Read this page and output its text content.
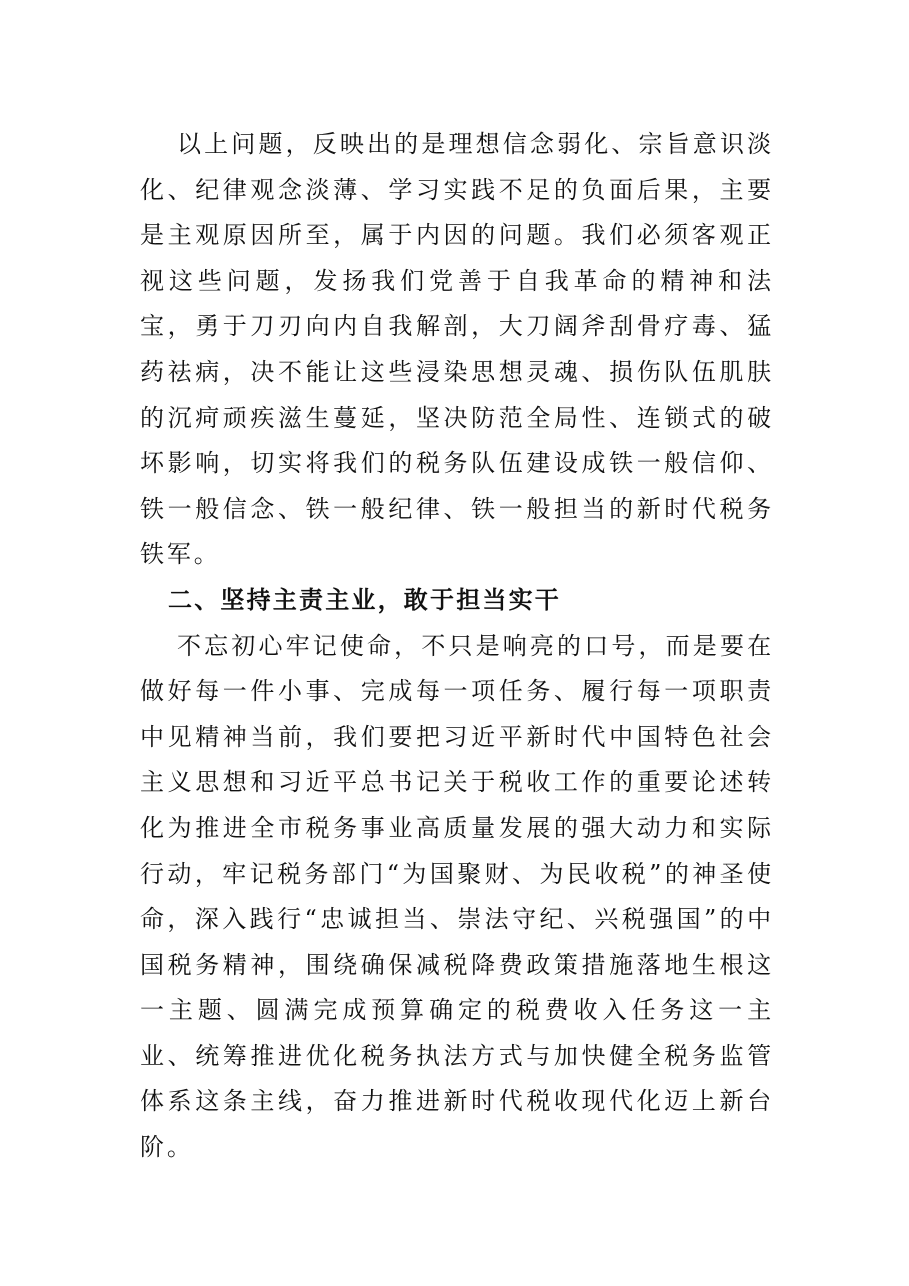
以上问题，反映出的是理想信念弱化、宗旨意识淡化、纪律观念淡薄、学习实践不足的负面后果，主要是主观原因所至，属于内因的问题。我们必须客观正视这些问题，发扬我们党善于自我革命的精神和法宝，勇于刀刃向内自我解剖，大刀阔斧刮骨疗毒、猛药祛病，决不能让这些浸染思想灵魂、损伤队伍肌肤的沉疴顽疾滋生蔓延，坚决防范全局性、连锁式的破坏影响，切实将我们的税务队伍建设成铁一般信仰、铁一般信念、铁一般纪律、铁一般担当的新时代税务铁军。

二、坚持主责主业，敢于担当实干

不忘初心牢记使命，不只是响亮的口号，而是要在做好每一件小事、完成每一项任务、履行每一项职责中见精神当前，我们要把习近平新时代中国特色社会主义思想和习近平总书记关于税收工作的重要论述转化为推进全市税务事业高质量发展的强大动力和实际行动，牢记税务部门“为国聚财、为民收税”的神圣使命，深入践行“忠诚担当、崇法守纪、兴税强国”的中国税务精神，围绕确保减税降费政策措施落地生根这一主题、圆满完成预算确定的税费收入任务这一主业、统筹推进优化税务执法方式与加快健全税务监管体系这条主线，奋力推进新时代税收现代化迈上新台阶。
